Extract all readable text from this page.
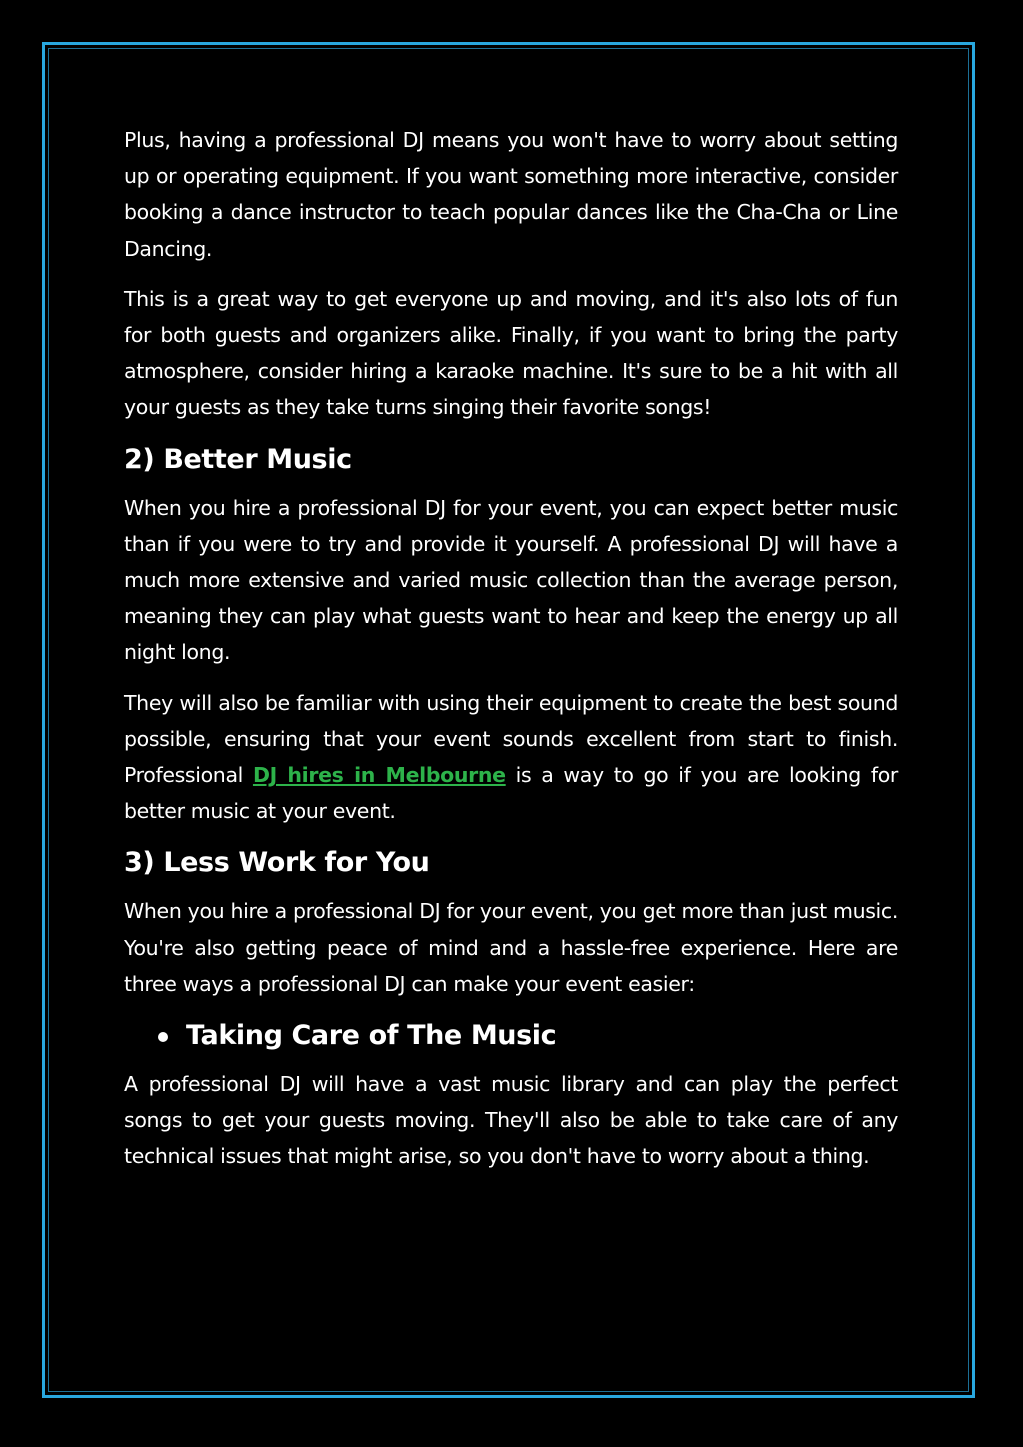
Plus, having a professional DJ means you won't have to worry about setting up or operating equipment. If you want something more interactive, consider booking a dance instructor to teach popular dances like the Cha-Cha or Line Dancing.

This is a great way to get everyone up and moving, and it's also lots of fun for both guests and organizers alike. Finally, if you want to bring the party atmosphere, consider hiring a karaoke machine. It's sure to be a hit with all your guests as they take turns singing their favorite songs!

2) Better Music

When you hire a professional DJ for your event, you can expect better music than if you were to try and provide it yourself. A professional DJ will have a much more extensive and varied music collection than the average person, meaning they can play what guests want to hear and keep the energy up all night long.

They will also be familiar with using their equipment to create the best sound possible, ensuring that your event sounds excellent from start to finish. Professional DJ hires in Melbourne is a way to go if you are looking for better music at your event.

3) Less Work for You

When you hire a professional DJ for your event, you get more than just music. You're also getting peace of mind and a hassle-free experience. Here are three ways a professional DJ can make your event easier:

Taking Care of The Music

A professional DJ will have a vast music library and can play the perfect songs to get your guests moving. They'll also be able to take care of any technical issues that might arise, so you don't have to worry about a thing.
